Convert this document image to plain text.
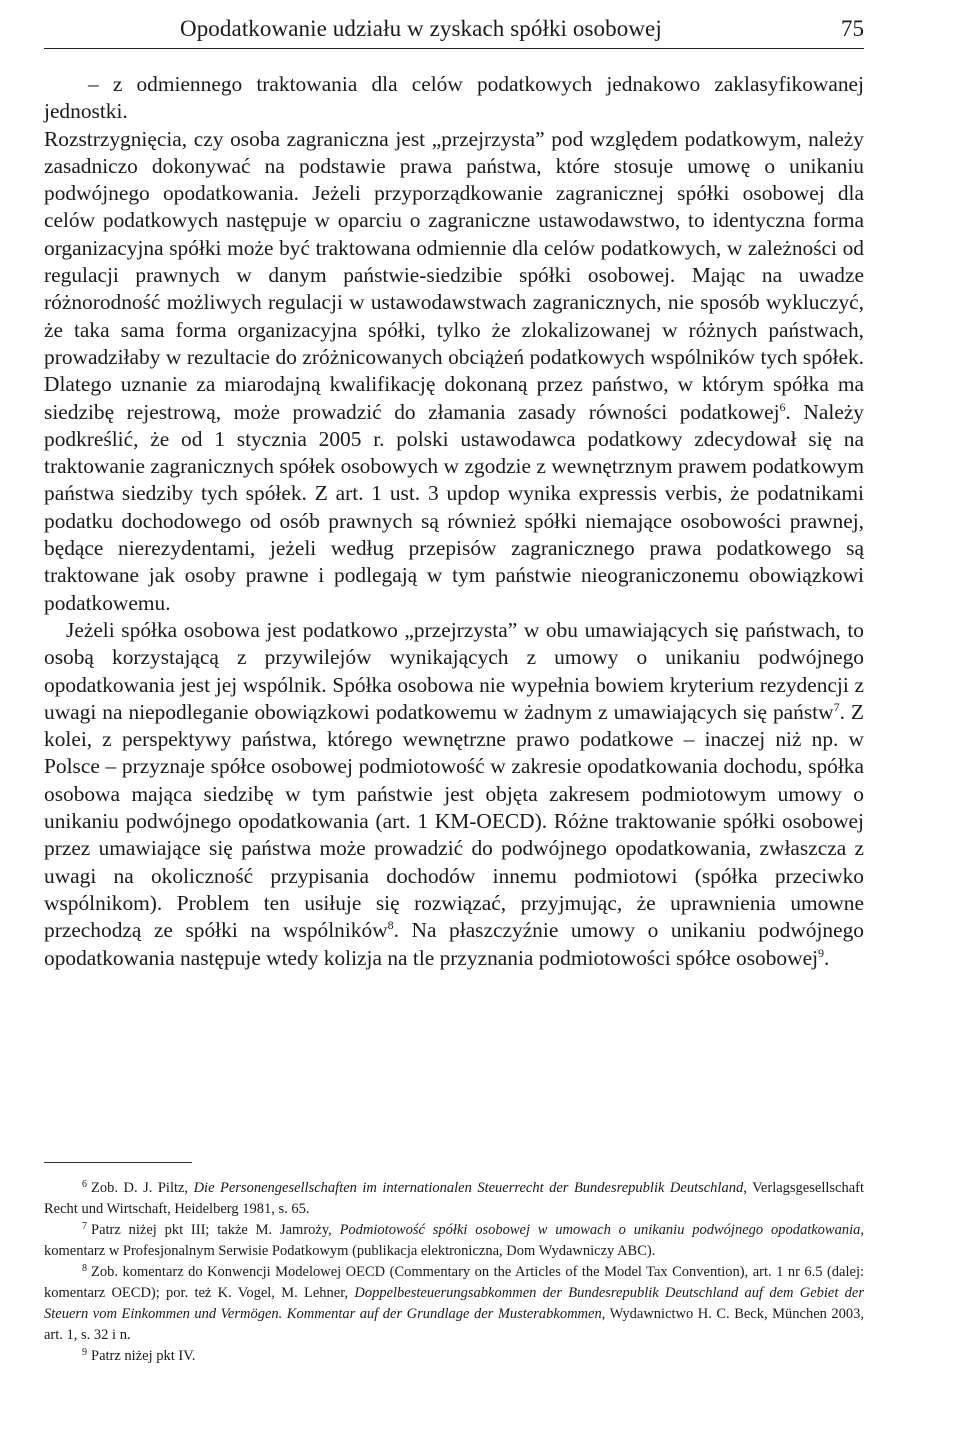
Opodatkowanie udziału w zyskach spółki osobowej	75

– z odmiennego traktowania dla celów podatkowych jednakowo zaklasyfikowanej jednostki.

Rozstrzygnięcia, czy osoba zagraniczna jest „przejrzysta” pod względem podatkowym, należy zasadniczo dokonywać na podstawie prawa państwa, które stosuje umowę o unikaniu podwójnego opodatkowania. Jeżeli przyporządkowanie zagranicznej spółki osobowej dla celów podatkowych następuje w oparciu o zagraniczne ustawodawstwo, to identyczna forma organizacyjna spółki może być traktowana odmiennie dla celów podatkowych, w zależności od regulacji prawnych w danym państwie-siedzibie spółki osobowej. Mając na uwadze różnorodność możliwych regulacji w ustawodawstwach zagranicznych, nie sposób wykluczyć, że taka sama forma organizacyjna spółki, tylko że zlokalizowanej w różnych państwach, prowadziłaby w rezultacie do zróżnicowanych obciążeń podatkowych wspólników tych spółek. Dlatego uznanie za miarodajną kwalifikację dokonaną przez państwo, w którym spółka ma siedzibę rejestrową, może prowadzić do złamania zasady równości podatkowej$^6$. Należy podkreślić, że od 1 stycznia 2005 r. polski ustawodawca podatkowy zdecydował się na traktowanie zagranicznych spółek osobowych w zgodzie z wewnętrznym prawem podatkowym państwa siedziby tych spółek. Z art. 1 ust. 3 updop wynika expressis verbis, że podatnikami podatku dochodowego od osób prawnych są również spółki niemające osobowości prawnej, będące nierezydentami, jeżeli według przepisów zagranicznego prawa podatkowego są traktowane jak osoby prawne i podlegają w tym państwie nieograniczonemu obowiązkowi podatkowemu.

Jeżeli spółka osobowa jest podatkowo „przejrzysta” w obu umawiających się państwach, to osobą korzystającą z przywilejów wynikających z umowy o unikaniu podwójnego opodatkowania jest jej wspólnik. Spółka osobowa nie wypełnia bowiem kryterium rezydencji z uwagi na niepodleganie obowiązkowi podatkowemu w żadnym z umawiających się państw$^7$. Z kolei, z perspektywy państwa, którego wewnętrzne prawo podatkowe – inaczej niż np. w Polsce – przyznaje spółce osobowej podmiotowość w zakresie opodatkowania dochodu, spółka osobowa mająca siedzibę w tym państwie jest objęta zakresem podmiotowym umowy o unikaniu podwójnego opodatkowania (art. 1 KM-OECD). Różne traktowanie spółki osobowej przez umawiające się państwa może prowadzić do podwójnego opodatkowania, zwłaszcza z uwagi na okoliczność przypisania dochodów innemu podmiotowi (spółka przeciwko wspólnikom). Problem ten usiłuje się rozwiązać, przyjmując, że uprawnienia umowne przechodzą ze spółki na wspólników$^8$. Na płaszczyźnie umowy o unikaniu podwójnego opodatkowania następuje wtedy kolizja na tle przyznania podmiotowości spółce osobowej$^9$.

$^6$ Zob. D. J. Piltz, Die Personengesellschaften im internationalen Steuerrecht der Bundesrepublik Deutschland, Verlagsgesellschaft Recht und Wirtschaft, Heidelberg 1981, s. 65.

$^7$ Patrz niżej pkt III; także M. Jamroży, Podmiotowość spółki osobowej w umowach o unikaniu podwójnego opodatkowania, komentarz w Profesjonalnym Serwisie Podatkowym (publikacja elektroniczna, Dom Wydawniczy ABC).

$^8$ Zob. komentarz do Konwencji Modelowej OECD (Commentary on the Articles of the Model Tax Convention), art. 1 nr 6.5 (dalej: komentarz OECD); por. też K. Vogel, M. Lehner, Doppelbesteuerungsabkommen der Bundesrepublik Deutschland auf dem Gebiet der Steuern vom Einkommen und Vermögen. Kommentar auf der Grundlage der Musterabkommen, Wydawnictwo H. C. Beck, München 2003, art. 1, s. 32 i n.

$^9$ Patrz niżej pkt IV.
